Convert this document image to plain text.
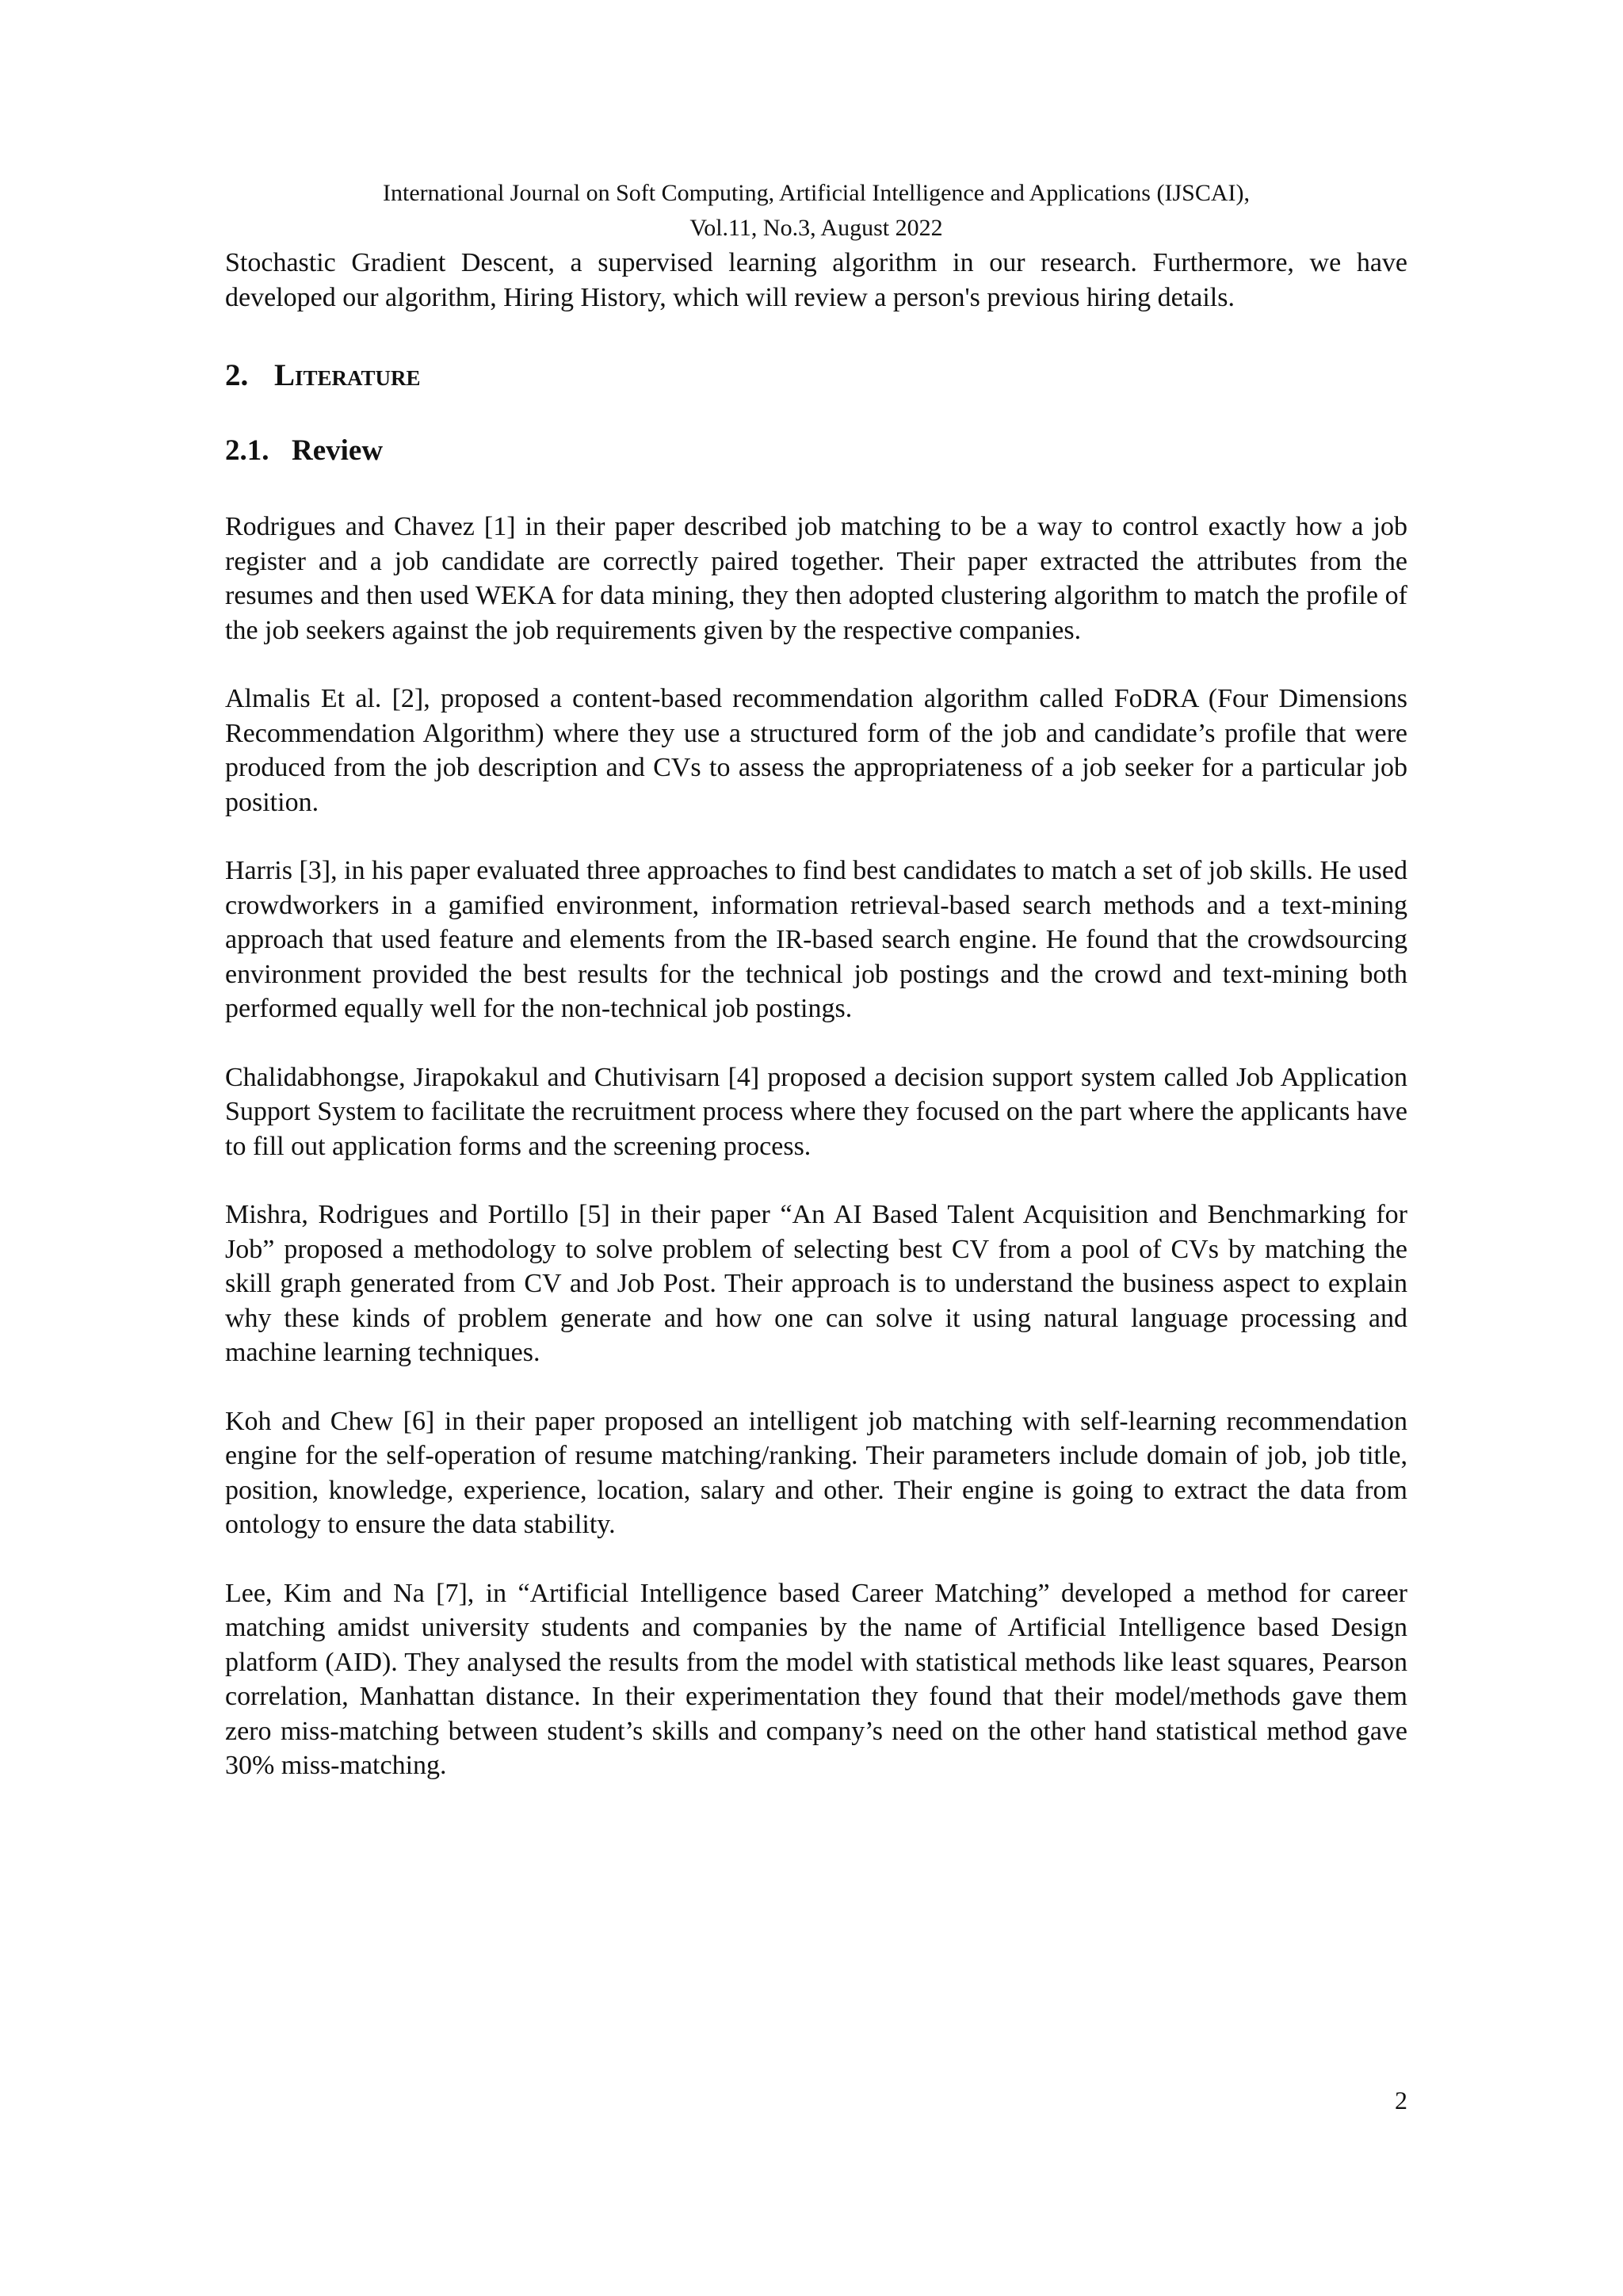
International Journal on Soft Computing, Artificial Intelligence and Applications (IJSCAI),
Vol.11, No.3, August 2022

Stochastic Gradient Descent, a supervised learning algorithm in our research. Furthermore, we have developed our algorithm, Hiring History, which will review a person's previous hiring details.

2. Literature
2.1. Review

Rodrigues and Chavez [1] in their paper described job matching to be a way to control exactly how a job register and a job candidate are correctly paired together. Their paper extracted the attributes from the resumes and then used WEKA for data mining, they then adopted clustering algorithm to match the profile of the job seekers against the job requirements given by the respective companies.

Almalis Et al. [2], proposed a content-based recommendation algorithm called FoDRA (Four Dimensions Recommendation Algorithm) where they use a structured form of the job and candidate’s profile that were produced from the job description and CVs to assess the appropriateness of a job seeker for a particular job position.

Harris [3], in his paper evaluated three approaches to find best candidates to match a set of job skills. He used crowdworkers in a gamified environment, information retrieval-based search methods and a text-mining approach that used feature and elements from the IR-based search engine. He found that the crowdsourcing environment provided the best results for the technical job postings and the crowd and text-mining both performed equally well for the non-technical job postings.

Chalidabhongse, Jirapokakul and Chutivisarn [4] proposed a decision support system called Job Application Support System to facilitate the recruitment process where they focused on the part where the applicants have to fill out application forms and the screening process.

Mishra, Rodrigues and Portillo [5] in their paper “An AI Based Talent Acquisition and Benchmarking for Job” proposed a methodology to solve problem of selecting best CV from a pool of CVs by matching the skill graph generated from CV and Job Post. Their approach is to understand the business aspect to explain why these kinds of problem generate and how one can solve it using natural language processing and machine learning techniques.

Koh and Chew [6] in their paper proposed an intelligent job matching with self-learning recommendation engine for the self-operation of resume matching/ranking. Their parameters include domain of job, job title, position, knowledge, experience, location, salary and other. Their engine is going to extract the data from ontology to ensure the data stability.

Lee, Kim and Na [7], in “Artificial Intelligence based Career Matching” developed a method for career matching amidst university students and companies by the name of Artificial Intelligence based Design platform (AID). They analysed the results from the model with statistical methods like least squares, Pearson correlation, Manhattan distance. In their experimentation they found that their model/methods gave them zero miss-matching between student’s skills and company’s need on the other hand statistical method gave 30% miss-matching.

2
